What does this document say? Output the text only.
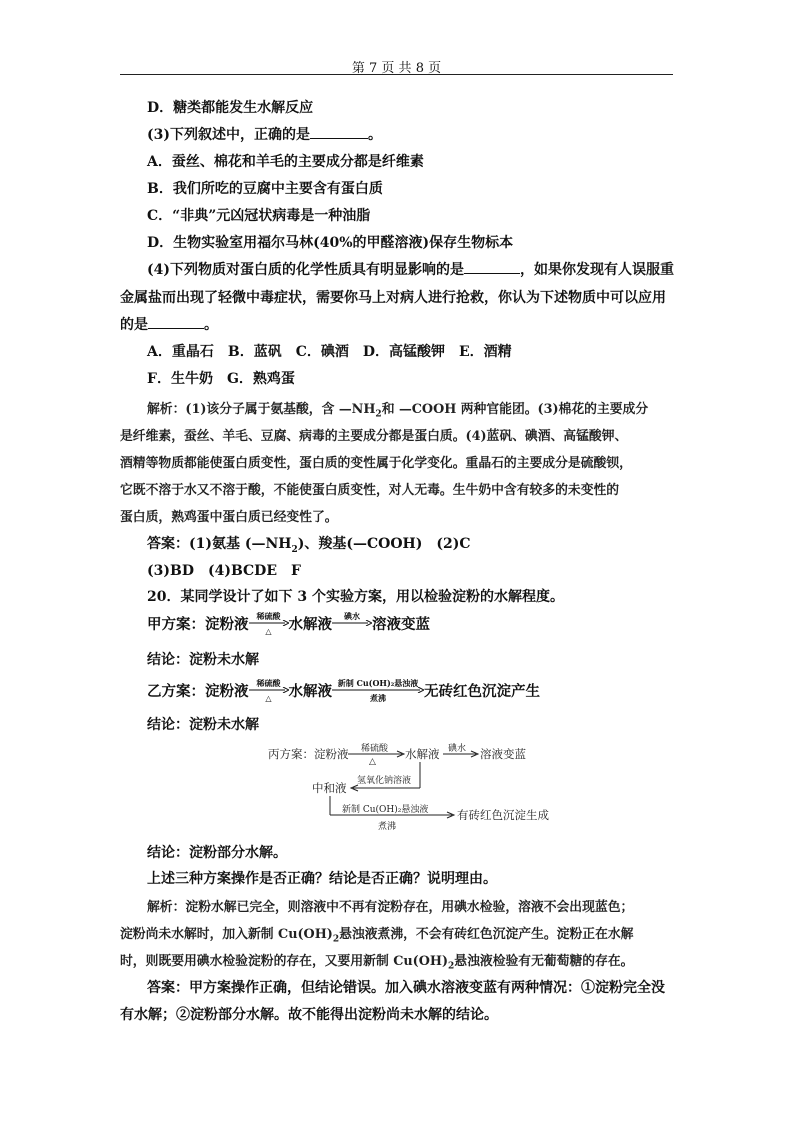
第 7 页 共 8 页
D．糖类都能发生水解反应
(3)下列叙述中，正确的是	。
A．蚕丝、棉花和羊毛的主要成分都是纤维素
B．我们所吃的豆腐中主要含有蛋白质
C．“非典”元凶冠状病毒是一种油脂
D．生物实验室用福尔马林(40%的甲醛溶液)保存生物标本
(4)下列物质对蛋白质的化学性质具有明显影响的是	，如果你发现有人误服重
金属盐而出现了轻微中毒症状，需要你马上对病人进行抢救，你认为下述物质中可以应用
的是	。
A．重晶石　B．蓝矾　C．碘酒　D．高锰酸钾　E．酒精
F．生牛奶　G．熟鸡蛋
解析：(1)该分子属于氨基酸，含 $—NH_2$和 —COOH 两种官能团。(3)棉花的主要成分
是纤维素，蚕丝、羊毛、豆腐、病毒的主要成分都是蛋白质。(4)蓝矾、碘酒、高锰酸钾、
酒精等物质都能使蛋白质变性，蛋白质的变性属于化学变化。重晶石的主要成分是硫酸钡，
它既不溶于水又不溶于酸，不能使蛋白质变性，对人无毒。生牛奶中含有较多的未变性的
蛋白质，熟鸡蛋中蛋白质已经变性了。
答案：(1)氨基 $(—NH_2)$、羧基(—COOH)　(2)C
(3)BD　(4)BCDE　F
20．某同学设计了如下 3 个实验方案，用以检验淀粉的水解程度。
甲方案：淀粉液	稀硫酸
△	水解液	碘水 溶液变蓝
结论：淀粉未水解
乙方案：淀粉液	稀硫酸
△	水解液 新制 Cu(OH)₂悬浊液
煮沸	无砖红色沉淀产生
结论：淀粉未水解
丙方案：淀粉液 稀硫酸
△
水解液 碘水 溶液变蓝
氢氧化钠溶液
中和液
新制 Cu(OH)₂悬浊液
煮沸
有砖红色沉淀生成
结论：淀粉部分水解。
上述三种方案操作是否正确？结论是否正确？说明理由。
解析：淀粉水解已完全，则溶液中不再有淀粉存在，用碘水检验，溶液不会出现蓝色；
淀粉尚未水解时，加入新制 $Cu(OH)_2$悬浊液煮沸，不会有砖红色沉淀产生。淀粉正在水解
时，则既要用碘水检验淀粉的存在，又要用新制 $Cu(OH)_2$悬浊液检验有无葡萄糖的存在。
答案：甲方案操作正确，但结论错误。加入碘水溶液变蓝有两种情况：①淀粉完全没
有水解；②淀粉部分水解。故不能得出淀粉尚未水解的结论。
